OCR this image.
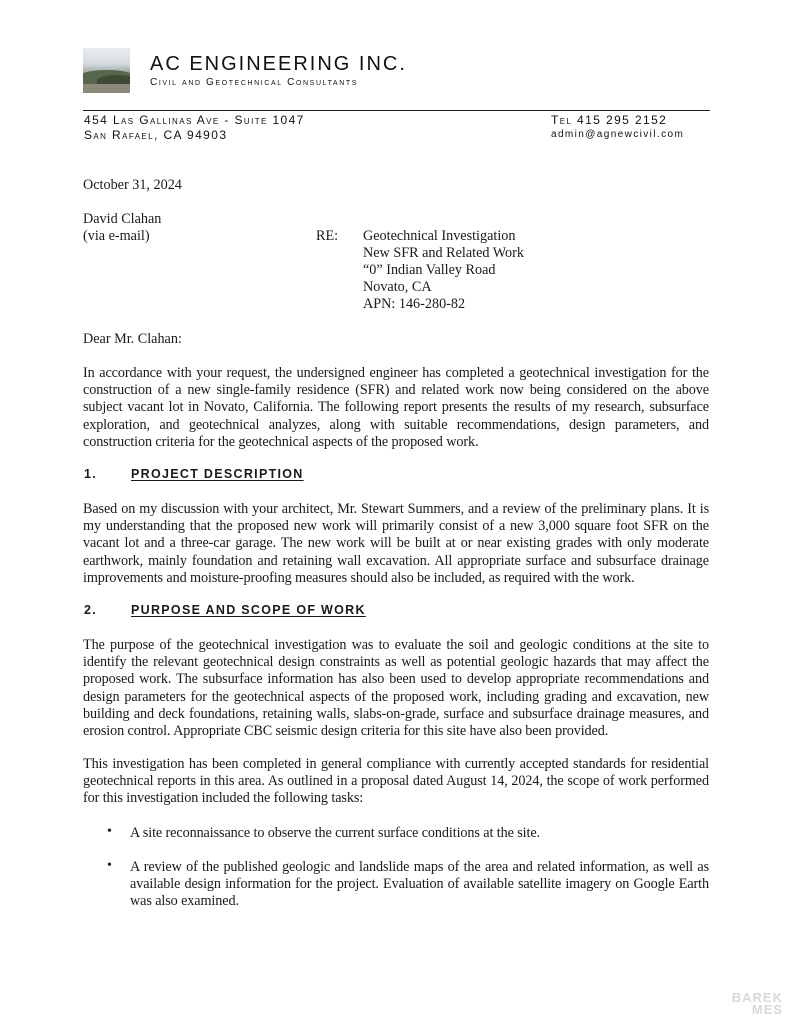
AC ENGINEERING INC.
Civil and Geotechnical Consultants
454 Las Gallinas Ave - Suite 1047
San Rafael, CA 94903
Tel 415 295 2152
admin@agnewcivil.com
October 31, 2024
David Clahan
(via e-mail)	RE: Geotechnical Investigation
New SFR and Related Work
“0” Indian Valley Road
Novato, CA
APN: 146-280-82
Dear Mr. Clahan:
In accordance with your request, the undersigned engineer has completed a geotechnical investigation for the construction of a new single-family residence (SFR) and related work now being considered on the above subject vacant lot in Novato, California. The following report presents the results of my research, subsurface exploration, and geotechnical analyzes, along with suitable recommendations, design parameters, and construction criteria for the geotechnical aspects of the proposed work.
1.	PROJECT DESCRIPTION
Based on my discussion with your architect, Mr. Stewart Summers, and a review of the preliminary plans. It is my understanding that the proposed new work will primarily consist of a new 3,000 square foot SFR on the vacant lot and a three-car garage. The new work will be built at or near existing grades with only moderate earthwork, mainly foundation and retaining wall excavation. All appropriate surface and subsurface drainage improvements and moisture-proofing measures should also be included, as required with the work.
2.	PURPOSE AND SCOPE OF WORK
The purpose of the geotechnical investigation was to evaluate the soil and geologic conditions at the site to identify the relevant geotechnical design constraints as well as potential geologic hazards that may affect the proposed work. The subsurface information has also been used to develop appropriate recommendations and design parameters for the geotechnical aspects of the proposed work, including grading and excavation, new building and deck foundations, retaining walls, slabs-on-grade, surface and subsurface drainage measures, and erosion control. Appropriate CBC seismic design criteria for this site have also been provided.
This investigation has been completed in general compliance with currently accepted standards for residential geotechnical reports in this area. As outlined in a proposal dated August 14, 2024, the scope of work performed for this investigation included the following tasks:
• A site reconnaissance to observe the current surface conditions at the site.
• A review of the published geologic and landslide maps of the area and related information, as well as available design information for the project. Evaluation of available satellite imagery on Google Earth was also examined.
BAREK
MES
